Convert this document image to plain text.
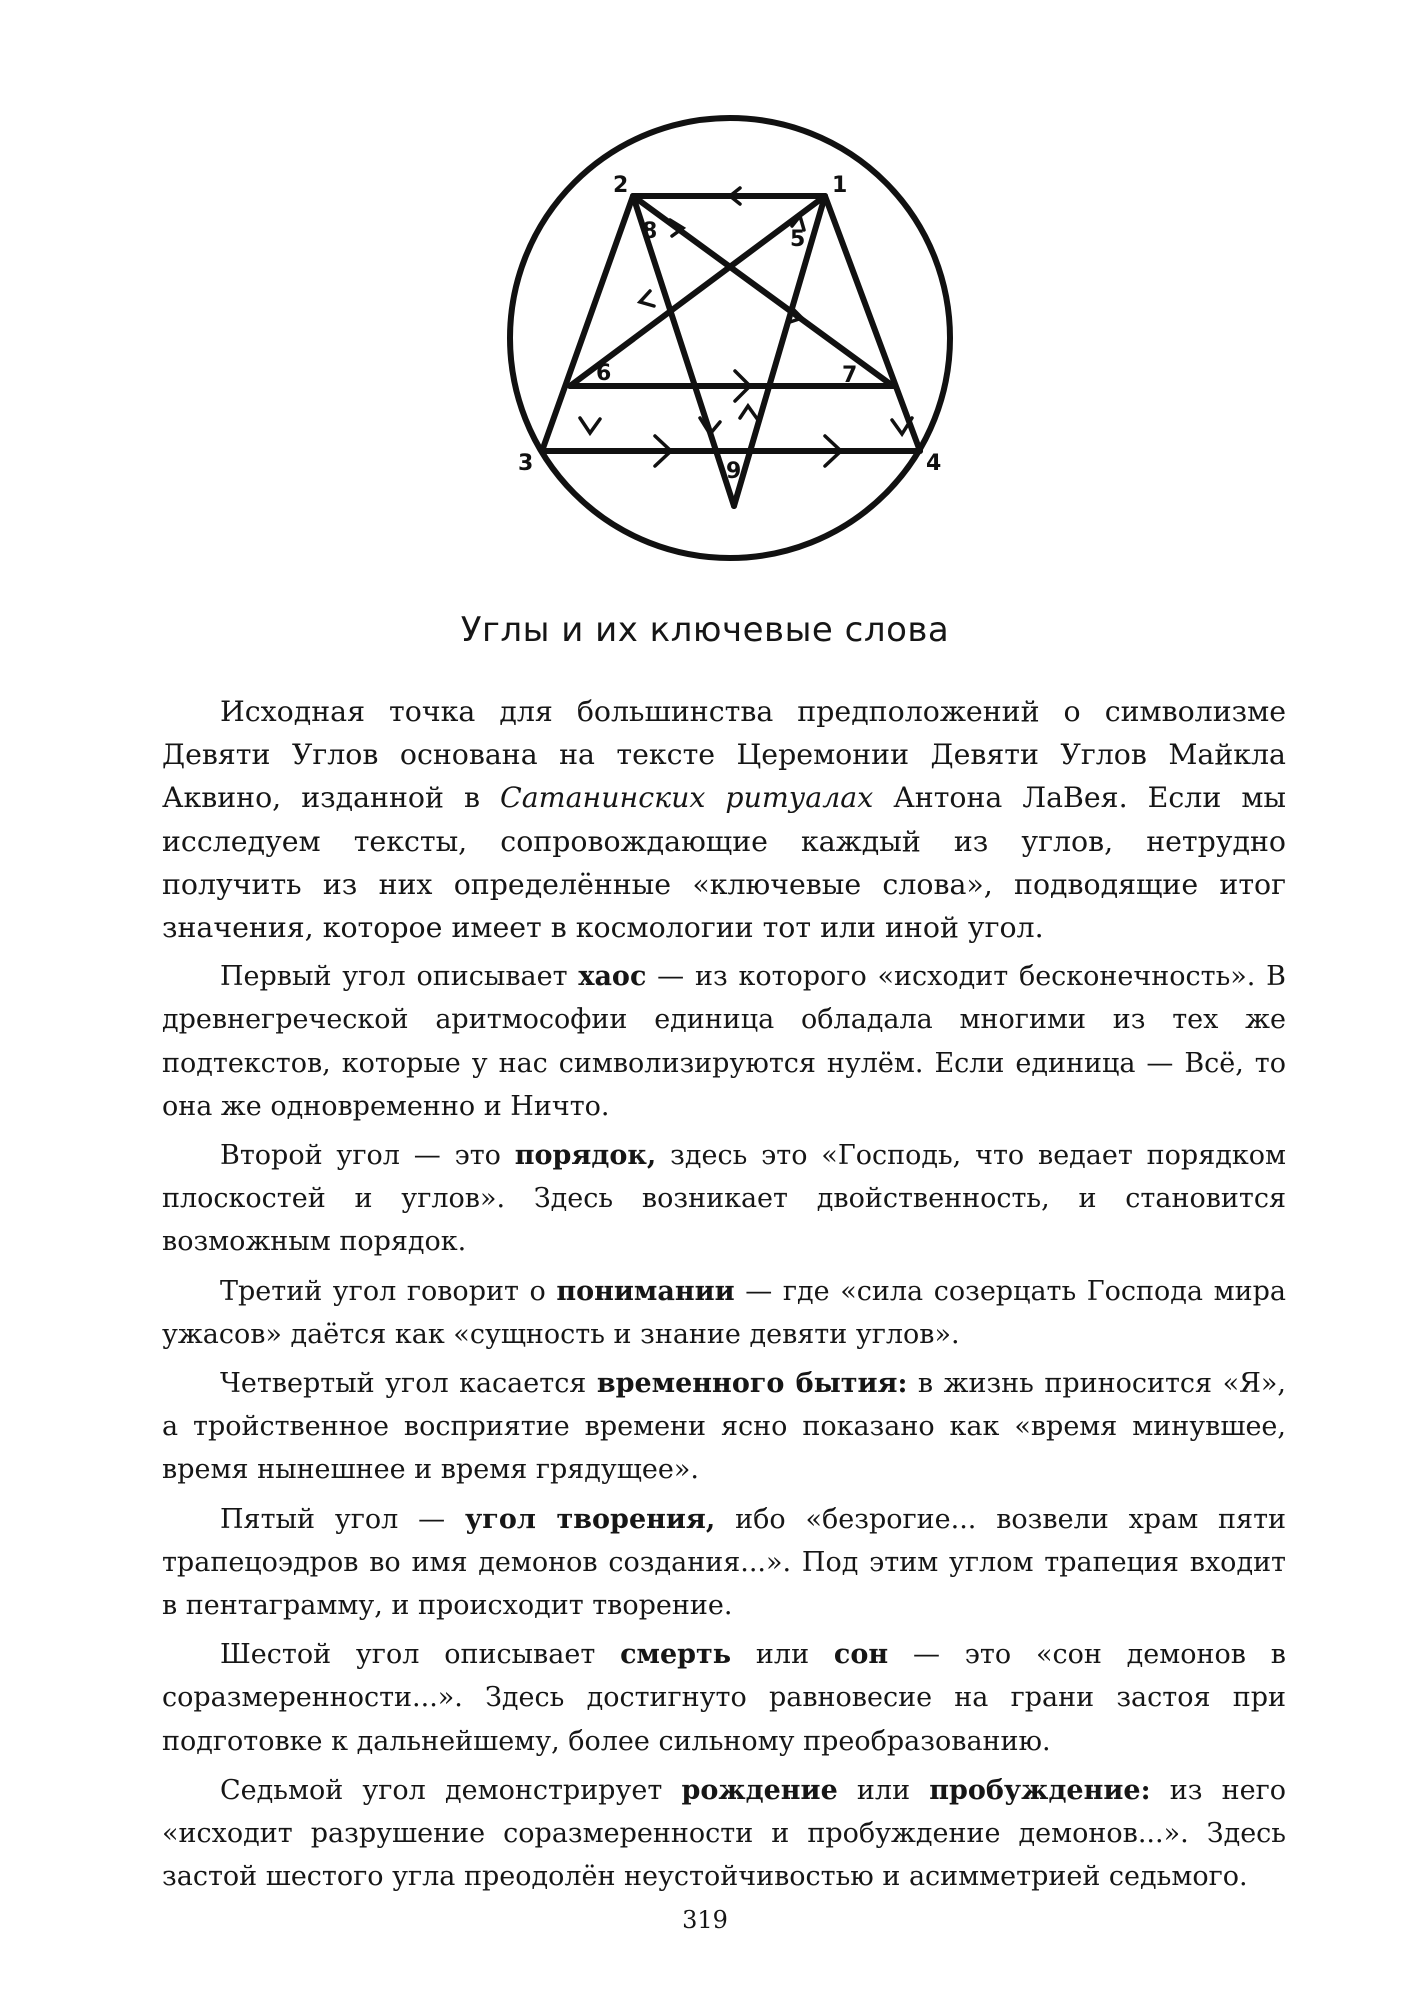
1
2
3	4
5
6	7
8
9
Углы и их ключевые слова

Исходная точка для большинства предположений о символизме Девяти Углов основана на тексте Церемонии Девяти Углов Майкла Аквино, изданной в Сатанинских ритуалах Антона ЛаВея. Если мы исследуем тексты, сопровождающие каждый из углов, нетрудно получить из них определённые «ключевые слова», подводящие итог значения, которое имеет в космологии тот или иной угол.

Первый угол описывает хаос — из которого «исходит бесконечность». В древнегреческой аритмософии единица обладала многими из тех же подтекстов, которые у нас символизируются нулём. Если единица — Всё, то она же одновременно и Ничто.

Второй угол — это порядок, здесь это «Господь, что ведает порядком плоскостей и углов». Здесь возникает двойственность, и становится возможным порядок.

Третий угол говорит о понимании — где «сила созерцать Господа мира ужасов» даётся как «сущность и знание девяти углов».

Четвертый угол касается временного бытия: в жизнь приносится «Я», а тройственное восприятие времени ясно показано как «время минувшее, время нынешнее и время грядущее».

Пятый угол — угол творения, ибо «безрогие... возвели храм пяти трапецоэдров во имя демонов создания...». Под этим углом трапеция входит в пентаграмму, и происходит творение.

Шестой угол описывает смерть или сон — это «сон демонов в соразмеренности...». Здесь достигнуто равновесие на грани застоя при подготовке к дальнейшему, более сильному преобразованию.

Седьмой угол демонстрирует рождение или пробуждение: из него «исходит разрушение соразмеренности и пробуждение демонов...». Здесь застой шестого угла преодолён неустойчивостью и асимметрией седьмого.

319
